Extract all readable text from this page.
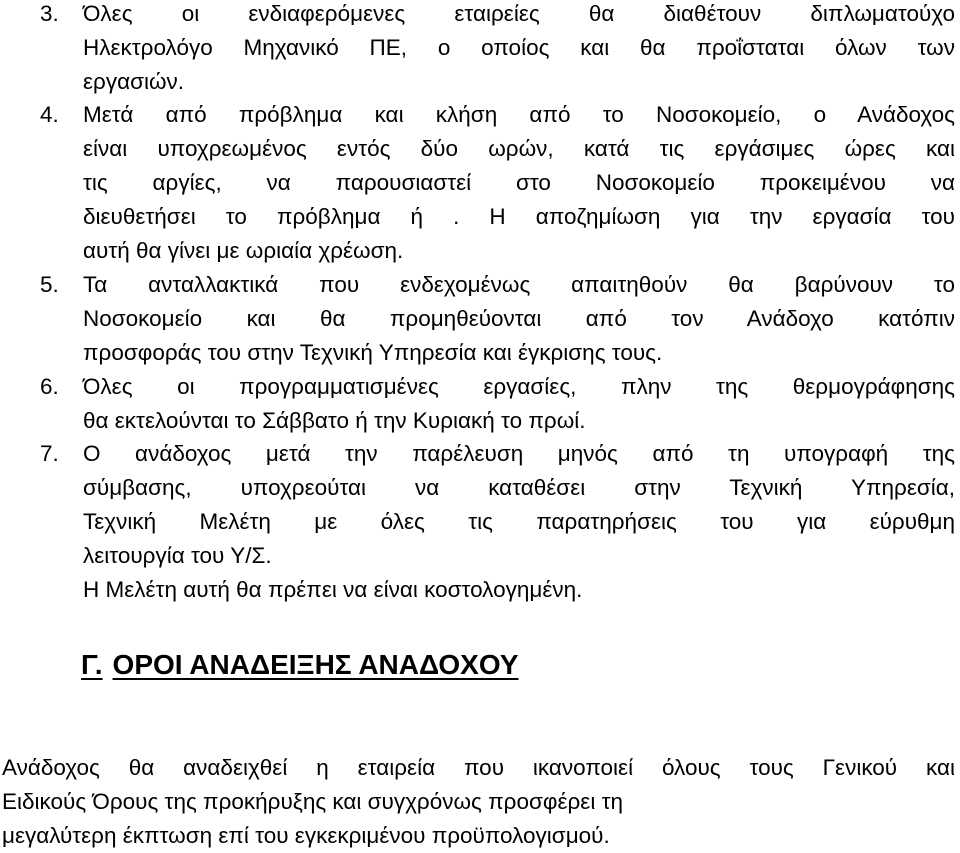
3.	Όλες οι ενδιαφερόμενες εταιρείες θα διαθέτουν διπλωματούχο
Ηλεκτρολόγο Μηχανικό ΠΕ, ο οποίος και θα προΐσταται όλων των
εργασιών.
4.	Μετά από πρόβλημα και κλήση από το Νοσοκομείο, ο Ανάδοχος
είναι υποχρεωμένος εντός δύο ωρών, κατά τις εργάσιμες ώρες και
τις αργίες, να παρουσιαστεί στο Νοσοκομείο προκειμένου να
διευθετήσει το πρόβλημα ή . Η αποζημίωση για την εργασία του
αυτή θα γίνει με ωριαία χρέωση.
5.	Τα ανταλλακτικά που ενδεχομένως απαιτηθούν θα βαρύνουν το
Νοσοκομείο και θα προμηθεύονται από τον Ανάδοχο κατόπιν
προσφοράς του στην Τεχνική Υπηρεσία και έγκρισης τους.
6.	Όλες οι προγραμματισμένες εργασίες, πλην της θερμογράφησης
θα εκτελούνται το Σάββατο ή την Κυριακή το πρωί.
7.	Ο ανάδοχος μετά την παρέλευση μηνός από τη υπογραφή της
σύμβασης, υποχρεούται να καταθέσει στην Τεχνική Υπηρεσία,
Τεχνική Μελέτη με όλες τις παρατηρήσεις του για εύρυθμη
λειτουργία του Υ/Σ.
Η Μελέτη αυτή θα πρέπει να είναι κοστολογημένη.
Γ. ΟΡΟΙ ΑΝΑΔΕΙΞΗΣ ΑΝΑΔΟΧΟΥ
Ανάδοχος θα αναδειχθεί η εταιρεία που ικανοποιεί όλους τους Γενικού και
Ειδικούς Όρους της προκήρυξης και συγχρόνως προσφέρει τη
μεγαλύτερη έκπτωση επί του εγκεκριμένου προϋπολογισμού.
